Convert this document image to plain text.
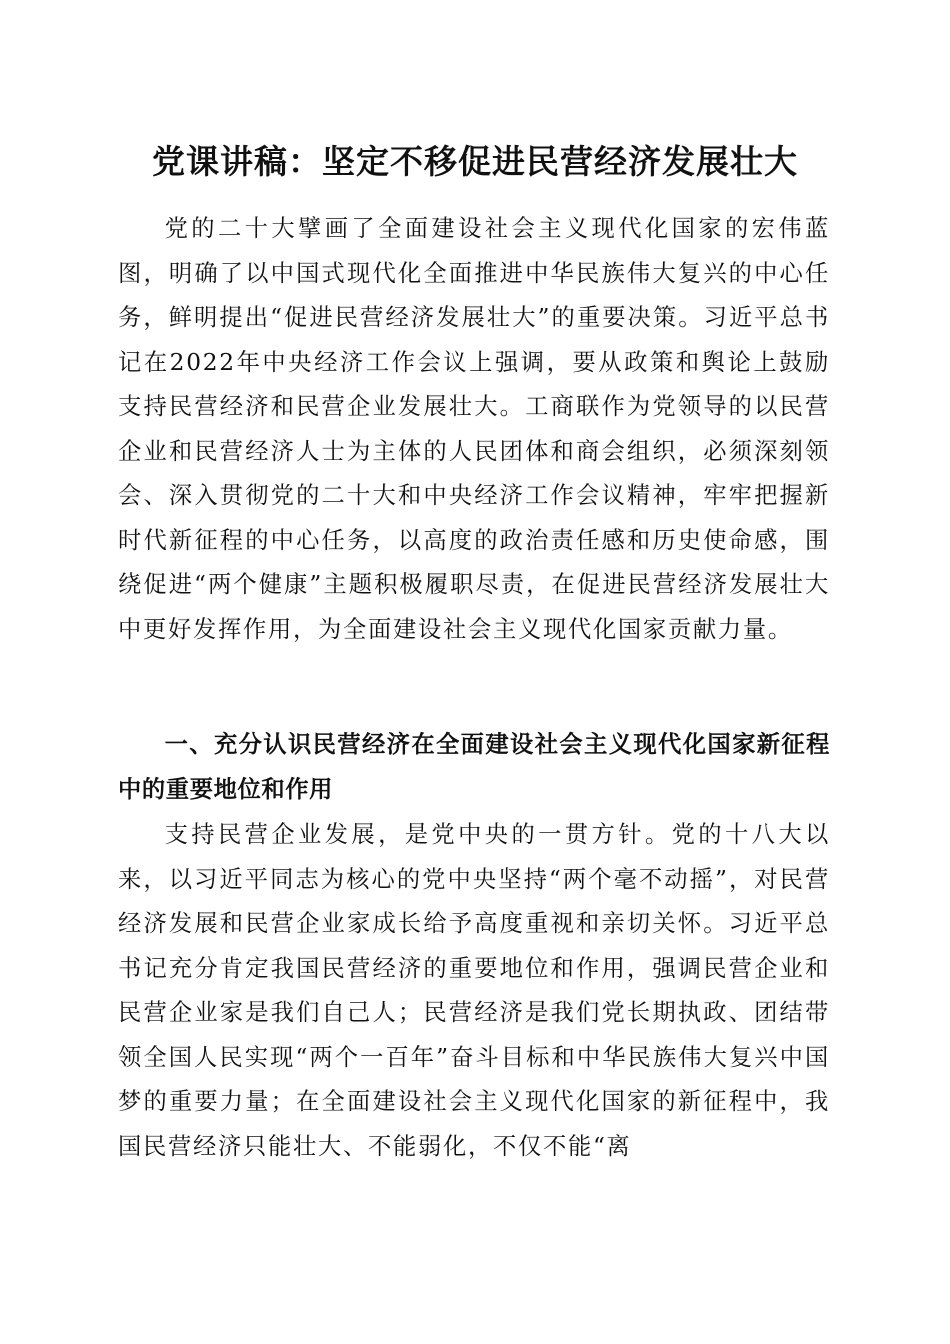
党课讲稿：坚定不移促进民营经济发展壮大

党的二十大擘画了全面建设社会主义现代化国家的宏伟蓝图，明确了以中国式现代化全面推进中华民族伟大复兴的中心任务，鲜明提出“促进民营经济发展壮大”的重要决策。习近平总书记在2022年中央经济工作会议上强调，要从政策和舆论上鼓励支持民营经济和民营企业发展壮大。工商联作为党领导的以民营企业和民营经济人士为主体的人民团体和商会组织，必须深刻领会、深入贯彻党的二十大和中央经济工作会议精神，牢牢把握新时代新征程的中心任务，以高度的政治责任感和历史使命感，围绕促进“两个健康”主题积极履职尽责，在促进民营经济发展壮大中更好发挥作用，为全面建设社会主义现代化国家贡献力量。

一、充分认识民营经济在全面建设社会主义现代化国家新征程中的重要地位和作用

支持民营企业发展，是党中央的一贯方针。党的十八大以来，以习近平同志为核心的党中央坚持“两个毫不动摇”，对民营经济发展和民营企业家成长给予高度重视和亲切关怀。习近平总书记充分肯定我国民营经济的重要地位和作用，强调民营企业和民营企业家是我们自己人；民营经济是我们党长期执政、团结带领全国人民实现“两个一百年”奋斗目标和中华民族伟大复兴中国梦的重要力量；在全面建设社会主义现代化国家的新征程中，我国民营经济只能壮大、不能弱化，不仅不能“离
